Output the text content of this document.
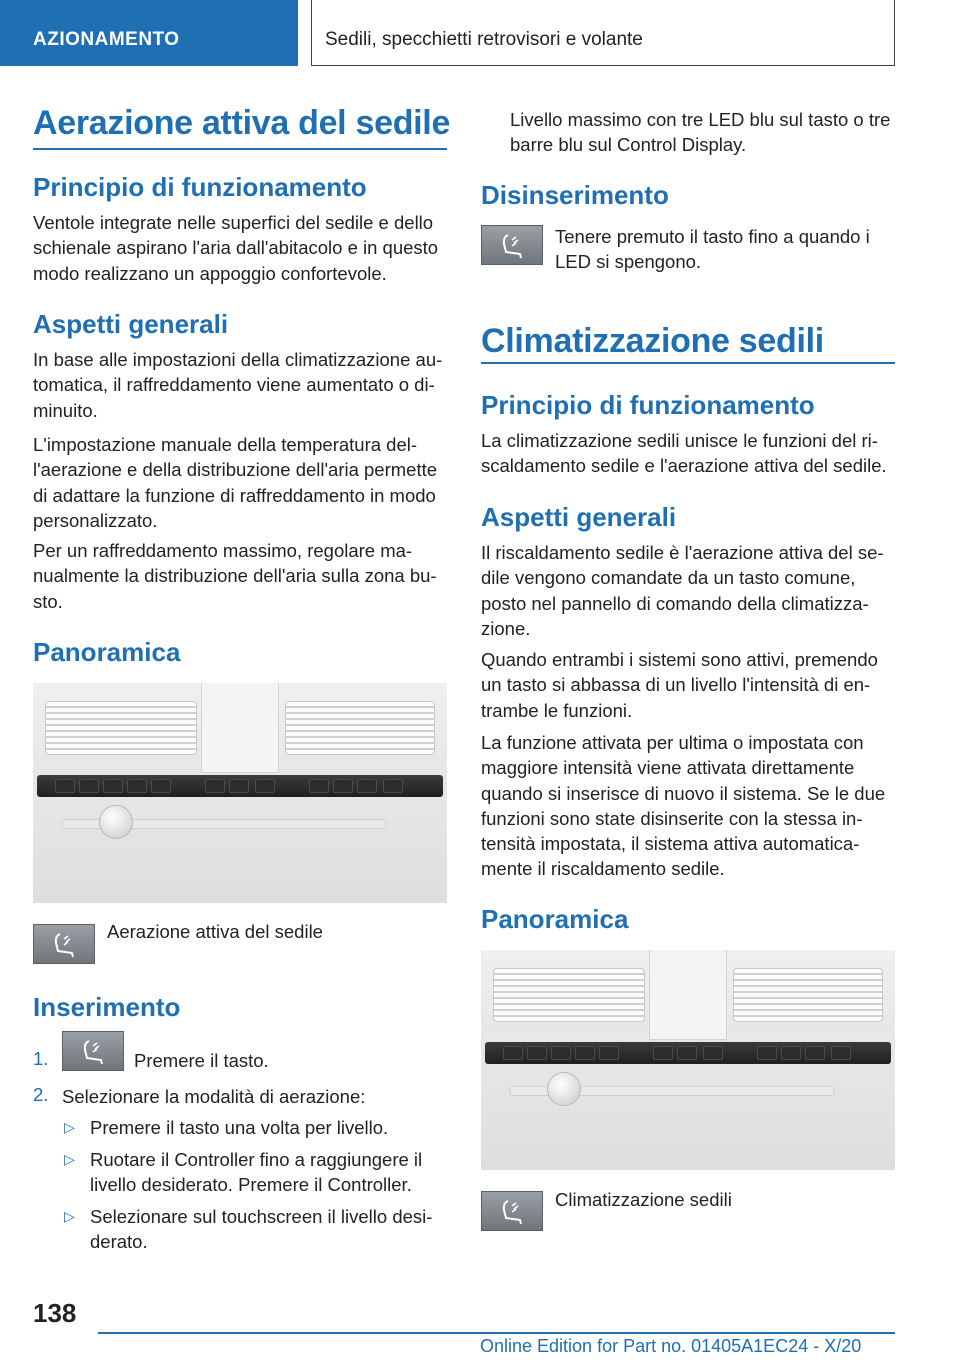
AZIONAMENTO	Sedili, specchietti retrovisori e volante
Aerazione attiva del sedile
Principio di funzionamento
Ventole integrate nelle superfici del sedile e dello schienale aspirano l'aria dall'abitacolo e in questo modo realizzano un appoggio confortevole.
Aspetti generali
In base alle impostazioni della climatizzazione au-tomatica, il raffreddamento viene aumentato o di-minuito.
L'impostazione manuale della temperatura del-l'aerazione e della distribuzione dell'aria permette di adattare la funzione di raffreddamento in modo personalizzato.
Per un raffreddamento massimo, regolare ma-nualmente la distribuzione dell'aria sulla zona bu-sto.
Panoramica
Aerazione attiva del sedile
Inserimento
1.	Premere il tasto.
2. Selezionare la modalità di aerazione:
▷ Premere il tasto una volta per livello.
▷ Ruotare il Controller fino a raggiungere il livello desiderato. Premere il Controller.
▷ Selezionare sul touchscreen il livello desi-derato.
Livello massimo con tre LED blu sul tasto o tre barre blu sul Control Display.
Disinserimento
Tenere premuto il tasto fino a quando i LED si spengono.
Climatizzazione sedili
Principio di funzionamento
La climatizzazione sedili unisce le funzioni del ri-scaldamento sedile e l'aerazione attiva del sedile.
Aspetti generali
Il riscaldamento sedile è l'aerazione attiva del se-dile vengono comandate da un tasto comune, posto nel pannello di comando della climatizza-zione.
Quando entrambi i sistemi sono attivi, premendo un tasto si abbassa di un livello l'intensità di en-trambe le funzioni.
La funzione attivata per ultima o impostata con maggiore intensità viene attivata direttamente quando si inserisce di nuovo il sistema. Se le due funzioni sono state disinserite con la stessa in-tensità impostata, il sistema attiva automatica-mente il riscaldamento sedile.
Panoramica
Climatizzazione sedili
138
Online Edition for Part no. 01405A1EC24 - X/20
